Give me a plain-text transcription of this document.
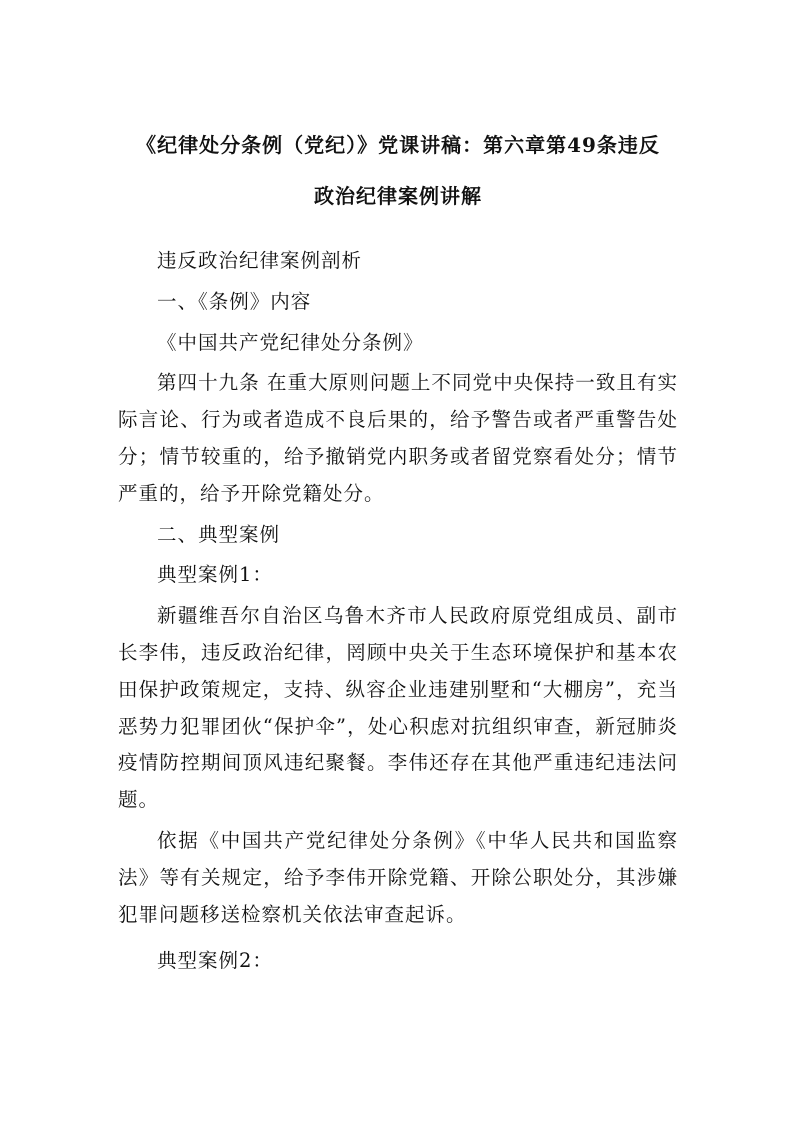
《纪律处分条例（党纪）》党课讲稿：第六章第49条违反
政治纪律案例讲解

违反政治纪律案例剖析

一、《条例》内容

《中国共产党纪律处分条例》

第四十九条 在重大原则问题上不同党中央保持一致且有实际言论、行为或者造成不良后果的，给予警告或者严重警告处分；情节较重的，给予撤销党内职务或者留党察看处分；情节严重的，给予开除党籍处分。

二、典型案例

典型案例1：

新疆维吾尔自治区乌鲁木齐市人民政府原党组成员、副市长李伟，违反政治纪律，罔顾中央关于生态环境保护和基本农田保护政策规定，支持、纵容企业违建别墅和“大棚房”，充当恶势力犯罪团伙“保护伞”，处心积虑对抗组织审查，新冠肺炎疫情防控期间顶风违纪聚餐。李伟还存在其他严重违纪违法问题。

依据《中国共产党纪律处分条例》《中华人民共和国监察法》等有关规定，给予李伟开除党籍、开除公职处分，其涉嫌犯罪问题移送检察机关依法审查起诉。

典型案例2：
